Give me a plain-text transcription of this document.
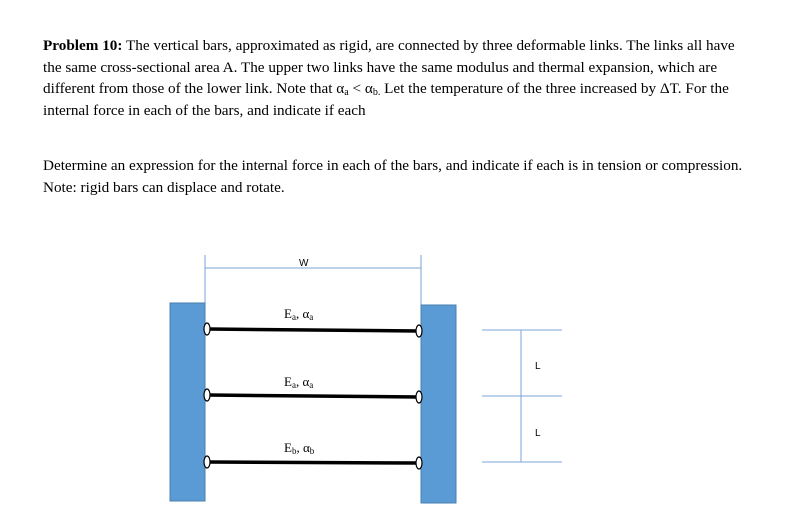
Problem 10: The vertical bars, approximated as rigid, are connected by three deformable links. The links all have the same cross-sectional area A. The upper two links have the same modulus and thermal expansion, which are different from those of the lower link. Note that $\alpha_a < \alpha_{b.}$ Let the temperature of the three increased by ΔT. For the internal force in each of the bars, and indicate if each

Determine an expression for the internal force in each of the bars, and indicate if each is in tension or compression. Note: rigid bars can displace and rotate.

W
Ea, αa
Ea, αa
Eb, αb
L
L
